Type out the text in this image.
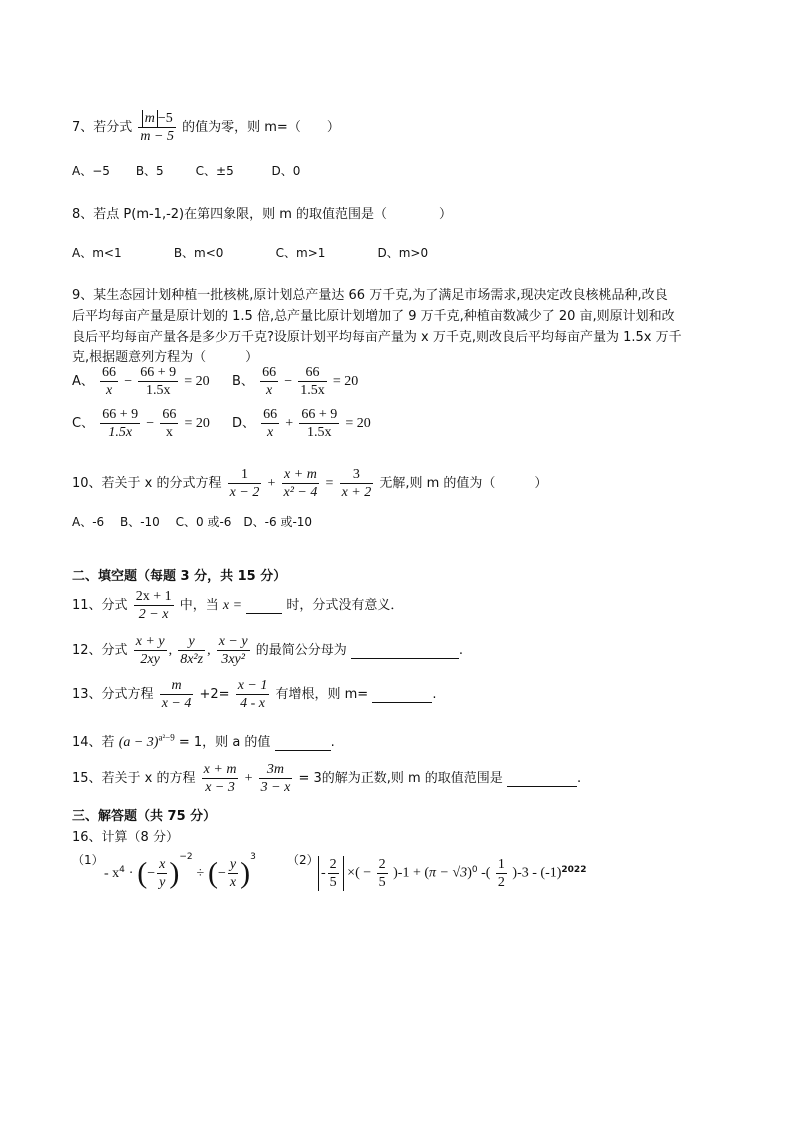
7、若分式 $\frac{m -5}{m - 5}$ 的值为零，则 m=（　　）
A、−5 B、5	C、±5	D、0
8、若点 P(m-1,-2)在第四象限，则 m 的取值范围是（　　　　）
A、m<1	B、m<0	C、m>1	D、m>0
9、某生态园计划种植一批核桃,原计划总产量达 66 万千克,为了满足市场需求,现决定改良核桃品种,改良
后平均每亩产量是原计划的 1.5 倍,总产量比原计划增加了 9 万千克,种植亩数减少了 20 亩,则原计划和改
良后平均每亩产量各是多少万千克?设原计划平均每亩产量为 x 万千克,则改良后平均每亩产量为 1.5x 万千
克,根据题意列方程为（　　　）
A、 $\frac{66}{x} - \frac{66 + 9}{1.5x} = 20$ B、 $\frac{66}{x} - \frac{66}{1.5x} = 20$
C、 $\frac{66 + 9}{1.5x} - \frac{66}{x} = 20$ D、 $\frac{66}{x} + \frac{66 + 9}{1.5x} = 20$
10、若关于 x 的分式方程 $\frac{1}{x - 2} + \frac{x + m}{\text{x² − 4}} = \frac{3}{x + 2}$ 无解,则 m 的值为（　　　）
A、-6　 B、-10　 C、0 或-6　D、-6 或-10
二、填空题（每题 3 分，共 15 分）
11、分式 $\frac{2x + 1}{2 - x}$ 中，当 x =	时，分式没有意义．
12、分式 $\frac{x + y}{2xy}$ , $\frac{y}{\text{8x²z}}$ , $\frac{x - y}{\text{3xy²}}$ 的最简公分母为	.
13、分式方程 $\frac{m}{x - 4} +2= \frac{x - 1}{4 - x}$ 有增根，则 m=	.
14、若 $(a - 3)^{a^2-9} = 1$，则 a 的值	.
15、若关于 x 的方程 $\frac{x + m}{x - 3} + \frac{3m}{3 - x} = 3$的解为正数,则 m 的取值范围是	.
三、解答题（共 75 分）
16、计算（8 分）
（1）
- $x^4$ · (− $\frac{x}{y} )^{-2}$ ÷ (− $\frac{y}{x} )^3$	（2）
- $\frac{2}{5}$ ×( − $\frac{2}{5} )-1 + (\pi - √3)^0$ -( $\frac{1}{2} )-3 - (-1)^{2022}$
